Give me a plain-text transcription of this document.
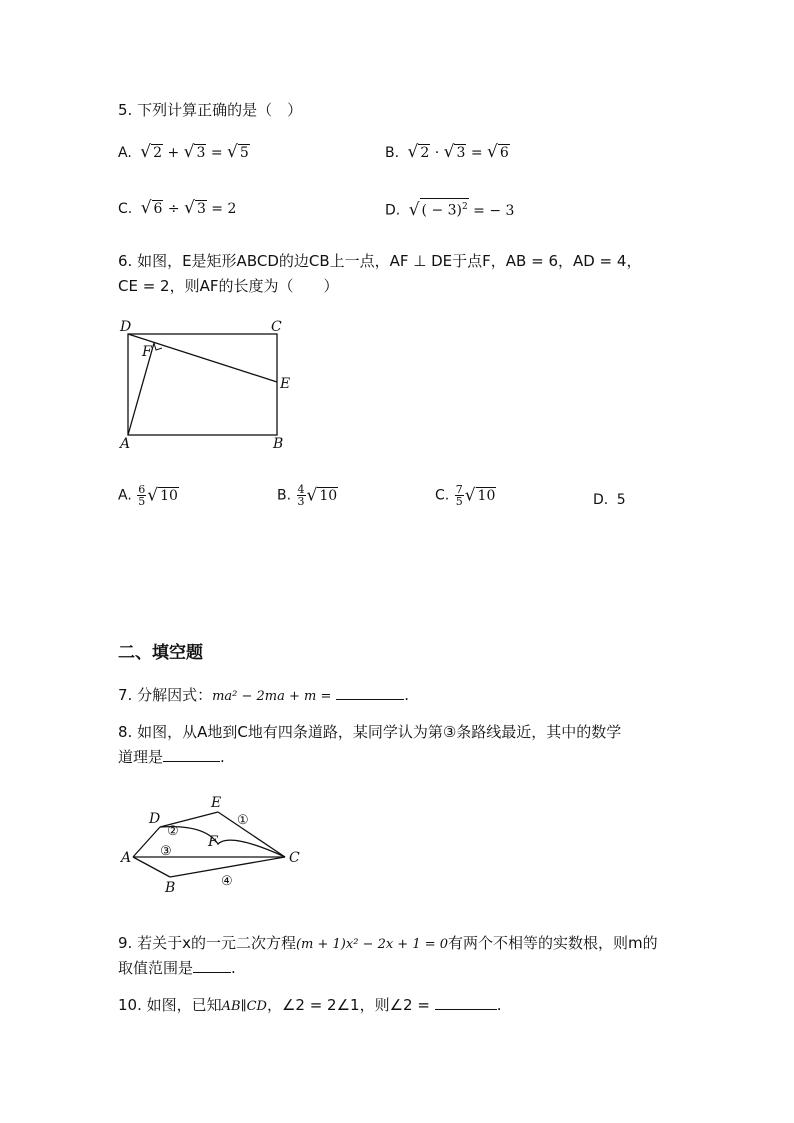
5. 下列计算正确的是（　）
A. √ 2 + √ 3 = √ 5	B. √ 2 · √ 3 = √ 6
C. √ 6 ÷ √ 3 = 2	D. √ ( − 3)$^2$ = − 3
6. 如图，E是矩形ABCD的边CB上一点，AF ⊥ DE于点F，AB = 6，AD = 4，
CE = 2，则AF的长度为（　　）
D	C
F
E
A	B
A. $\frac{6}{5}$ √ 10	B. $\frac{4}{3}$ √ 10	C. $\frac{7}{5}$ √ 10	D. 5
二、填空题
7. 分解因式：ma² − 2ma + m =	.
8. 如图，从A地到C地有四条道路，某同学认为第③条路线最近，其中的数学
道理是	.
A	C
D
E
F
B
①
②
③
④
9. 若关于x的一元二次方程(m + 1)x² − 2x + 1 = 0有两个不相等的实数根，则m的
取值范围是	.
10. 如图，已知AB∥CD，∠2 = 2∠1，则∠2 =	.
